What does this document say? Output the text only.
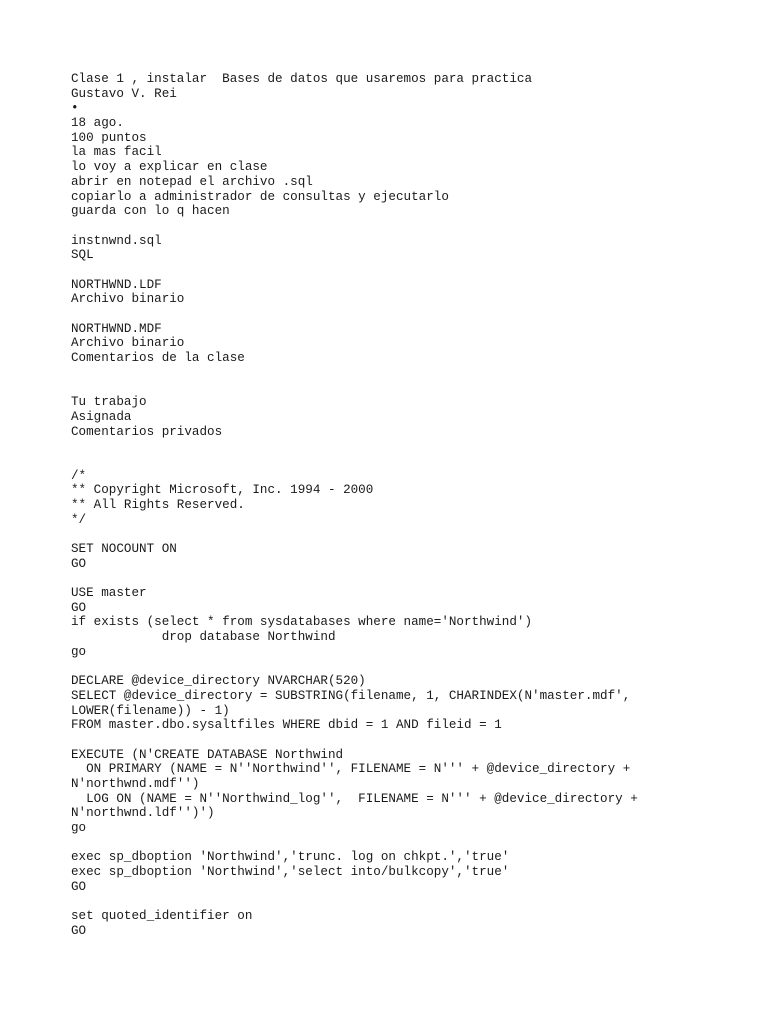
Clase 1 , instalar  Bases de datos que usaremos para practica
Gustavo V. Rei
•
18 ago.
100 puntos
la mas facil
lo voy a explicar en clase
abrir en notepad el archivo .sql
copiarlo a administrador de consultas y ejecutarlo
guarda con lo q hacen
instnwnd.sql
SQL
NORTHWND.LDF
Archivo binario
NORTHWND.MDF
Archivo binario
Comentarios de la clase
Tu trabajo
Asignada
Comentarios privados
/*
** Copyright Microsoft, Inc. 1994 - 2000
** All Rights Reserved.
*/
SET NOCOUNT ON
GO
USE master
GO
if exists (select * from sysdatabases where name='Northwind')
drop database Northwind
go
DECLARE @device_directory NVARCHAR(520)
SELECT @device_directory = SUBSTRING(filename, 1, CHARINDEX(N'master.mdf',
LOWER(filename)) - 1)
FROM master.dbo.sysaltfiles WHERE dbid = 1 AND fileid = 1
EXECUTE (N'CREATE DATABASE Northwind
ON PRIMARY (NAME = N''Northwind'', FILENAME = N''' + @device_directory +
N'northwnd.mdf'')
LOG ON (NAME = N''Northwind_log'',  FILENAME = N''' + @device_directory +
N'northwnd.ldf'')')
go
exec sp_dboption 'Northwind','trunc. log on chkpt.','true'
exec sp_dboption 'Northwind','select into/bulkcopy','true'
GO
set quoted_identifier on
GO
